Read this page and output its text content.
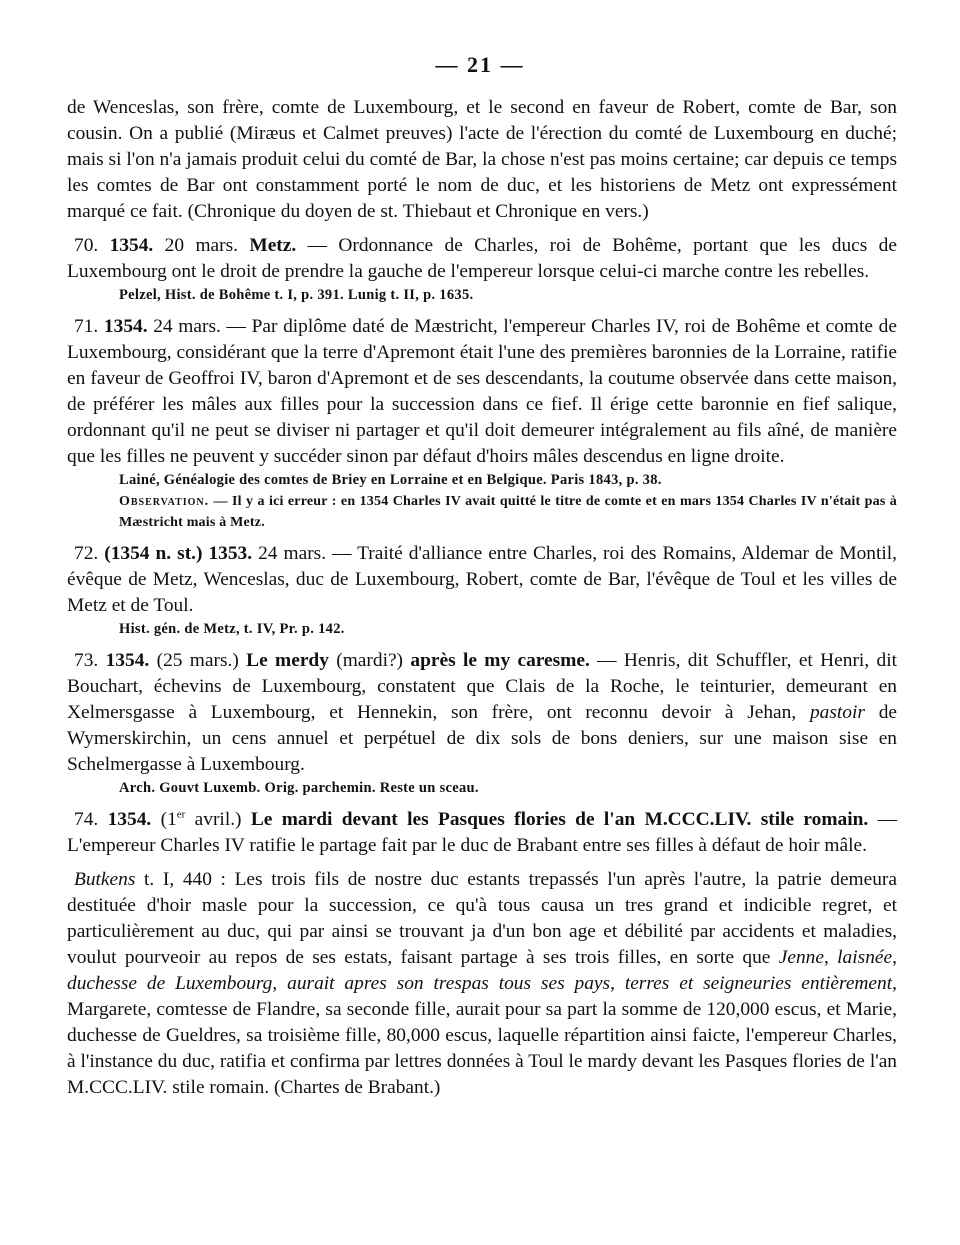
— 21 —

de Wenceslas, son frère, comte de Luxembourg, et le second en faveur de Robert, comte de Bar, son cousin. On a publié (Miræus et Calmet preuves) l'acte de l'érection du comté de Luxembourg en duché; mais si l'on n'a jamais produit celui du comté de Bar, la chose n'est pas moins certaine; car depuis ce temps les comtes de Bar ont constamment porté le nom de duc, et les historiens de Metz ont expressément marqué ce fait. (Chronique du doyen de st. Thiebaut et Chronique en vers.)

70. 1354. 20 mars. Metz. — Ordonnance de Charles, roi de Bohême, portant que les ducs de Luxembourg ont le droit de prendre la gauche de l'empereur lorsque celui-ci marche contre les rebelles.

Pelzel, Hist. de Bohême t. I, p. 391. Lunig t. II, p. 1635.

71. 1354. 24 mars. — Par diplôme daté de Mæstricht, l'empereur Charles IV, roi de Bohême et comte de Luxembourg, considérant que la terre d'Apremont était l'une des premières baronnies de la Lorraine, ratifie en faveur de Geoffroi IV, baron d'Apremont et de ses descendants, la coutume observée dans cette maison, de préférer les mâles aux filles pour la succession dans ce fief. Il érige cette baronnie en fief salique, ordonnant qu'il ne peut se diviser ni partager et qu'il doit demeurer intégralement au fils aîné, de manière que les filles ne peuvent y succéder sinon par défaut d'hoirs mâles descendus en ligne droite.

Lainé, Généalogie des comtes de Briey en Lorraine et en Belgique. Paris 1843, p. 38.

Observation. — Il y a ici erreur : en 1354 Charles IV avait quitté le titre de comte et en mars 1354 Charles IV n'était pas à Mæstricht mais à Metz.

72. (1354 n. st.) 1353. 24 mars. — Traité d'alliance entre Charles, roi des Romains, Aldemar de Montil, évêque de Metz, Wenceslas, duc de Luxembourg, Robert, comte de Bar, l'évêque de Toul et les villes de Metz et de Toul.

Hist. gén. de Metz, t. IV, Pr. p. 142.

73. 1354. (25 mars.) Le merdy (mardi?) après le my caresme. — Henris, dit Schuffler, et Henri, dit Bouchart, échevins de Luxembourg, constatent que Clais de la Roche, le teinturier, demeurant en Xelmersgasse à Luxembourg, et Hennekin, son frère, ont reconnu devoir à Jehan, pastoir de Wymerskirchin, un cens annuel et perpétuel de dix sols de bons deniers, sur une maison sise en Schelmergasse à Luxembourg.

Arch. Gouvt Luxemb. Orig. parchemin. Reste un sceau.

74. 1354. (1er avril.) Le mardi devant les Pasques flories de l'an M.CCC.LIV. stile romain. — L'empereur Charles IV ratifie le partage fait par le duc de Brabant entre ses filles à défaut de hoir mâle.

Butkens t. I, 440 : Les trois fils de nostre duc estants trepassés l'un après l'autre, la patrie demeura destituée d'hoir masle pour la succession, ce qu'à tous causa un tres grand et indicible regret, et particulièrement au duc, qui par ainsi se trouvant ja d'un bon age et débilité par accidents et maladies, voulut pourveoir au repos de ses estats, faisant partage à ses trois filles, en sorte que Jenne, laisnée, duchesse de Luxembourg, aurait apres son trespas tous ses pays, terres et seigneuries entièrement, Margarete, comtesse de Flandre, sa seconde fille, aurait pour sa part la somme de 120,000 escus, et Marie, duchesse de Gueldres, sa troisième fille, 80,000 escus, laquelle répartition ainsi faicte, l'empereur Charles, à l'instance du duc, ratifia et confirma par lettres données à Toul le mardy devant les Pasques flories de l'an M.CCC.LIV. stile romain. (Chartes de Brabant.)
